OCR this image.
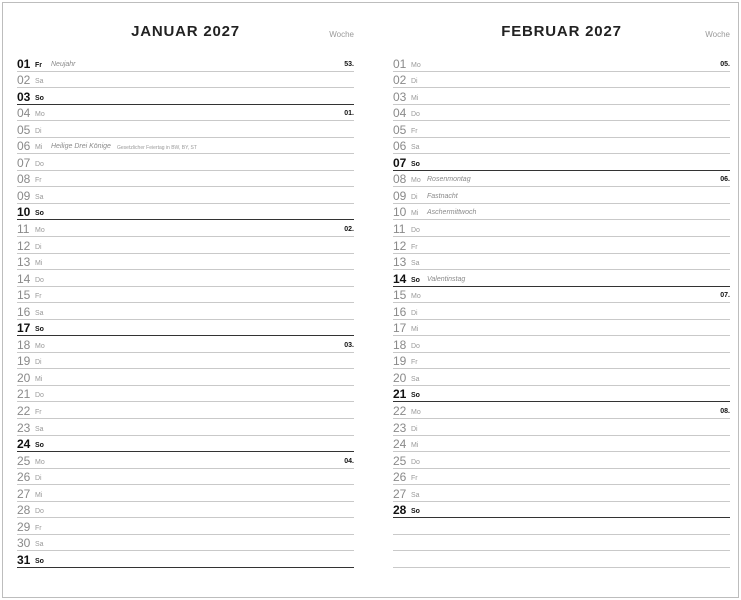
JANUAR 2027	Woche
01 Fr Neujahr	53.
02 Sa
03 So
04 Mo	01.
05 Di
06 Mi Heilige Drei Könige Gesetzlicher Feiertag in BW, BY, ST
07 Do
08 Fr
09 Sa
10 So
11 Mo	02.
12 Di
13 Mi
14 Do
15 Fr
16 Sa
17 So
18 Mo	03.
19 Di
20 Mi
21 Do
22 Fr
23 Sa
24 So
25 Mo	04.
26 Di
27 Mi
28 Do
29 Fr
30 Sa
31 So
FEBRUAR 2027	Woche
01 Mo	05.
02 Di
03 Mi
04 Do
05 Fr
06 Sa
07 So
08 Mo Rosenmontag	06.
09 Di Fastnacht
10 Mi Aschermittwoch
11 Do
12 Fr
13 Sa
14 So Valentinstag
15 Mo	07.
16 Di
17 Mi
18 Do
19 Fr
20 Sa
21 So
22 Mo	08.
23 Di
24 Mi
25 Do
26 Fr
27 Sa
28 So
